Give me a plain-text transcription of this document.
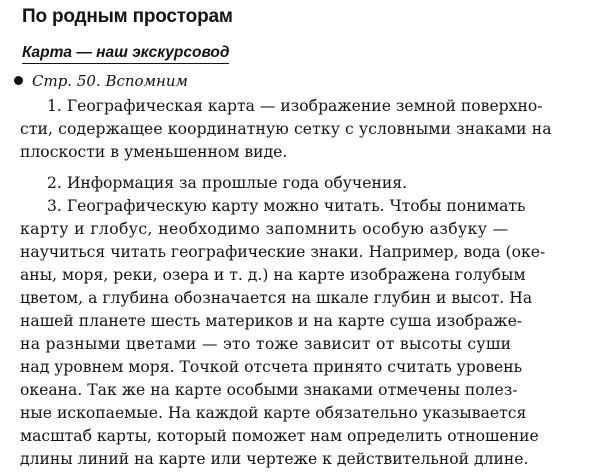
По родным просторам
Карта — наш экскурсовод
Стр. 50. Вспомним
1. Географическая карта — изображение земной поверхно-
сти, содержащее координатную сетку с условными знаками на
плоскости в уменьшенном виде.
2. Информация за прошлые года обучения.
3. Географическую карту можно читать. Чтобы понимать
карту и глобус, необходимо запомнить особую азбуку —
научиться читать географические знаки. Например, вода (оке-
аны, моря, реки, озера и т. д.) на карте изображена голубым
цветом, а глубина обозначается на шкале глубин и высот. На
нашей планете шесть материков и на карте суша изображе-
на разными цветами — это тоже зависит от высоты суши
над уровнем моря. Точкой отсчета принято считать уровень
океана. Так же на карте особыми знаками отмечены полез-
ные ископаемые. На каждой карте обязательно указывается
масштаб карты, который поможет нам определить отношение
длины линий на карте или чертеже к действительной длине.
